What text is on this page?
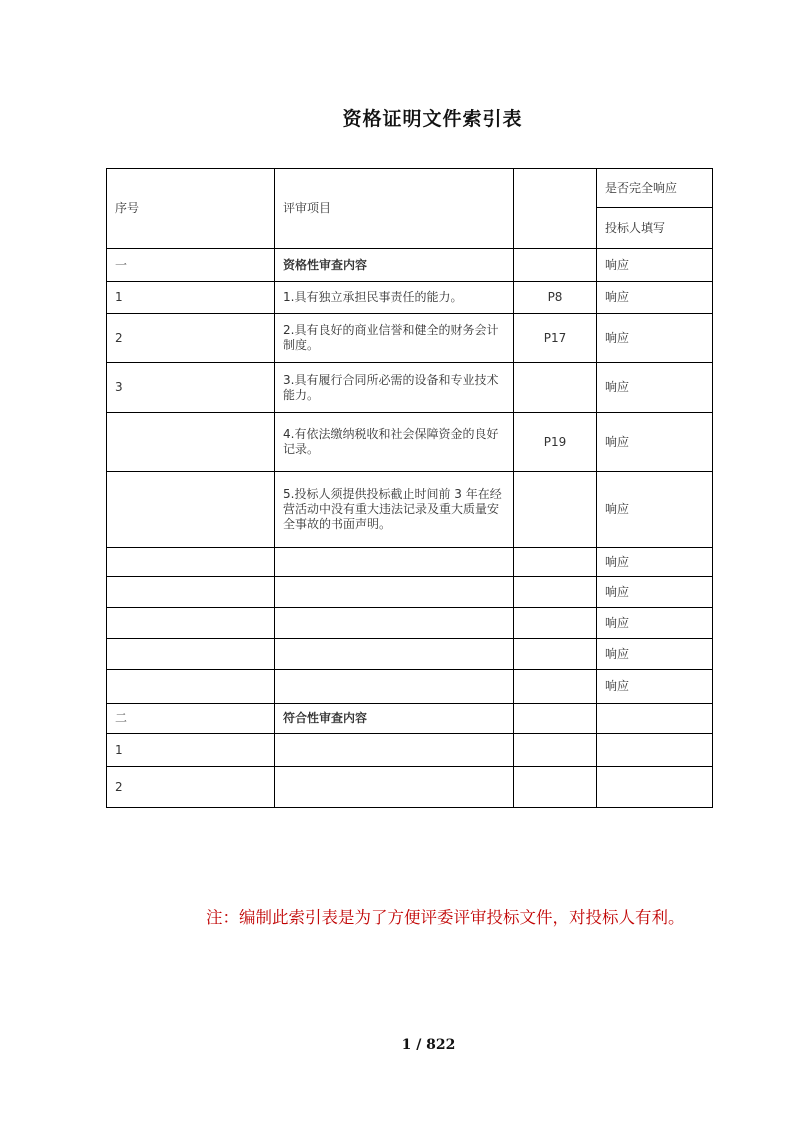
资格证明文件索引表
序号	评审项目		是否完全响应
			投标人填写
一	资格性审查内容		响应
1	1.具有独立承担民事责任的能力。	P8	响应
2	2.具有良好的商业信誉和健全的财务会计制度。	P17	响应
3	3.具有履行合同所必需的设备和专业技术能力。		响应
	4.有依法缴纳税收和社会保障资金的良好记录。	P19	响应
	5.投标人须提供投标截止时间前 3 年在经营活动中没有重大违法记录及重大质量安全事故的书面声明。		响应
			响应
			响应
			响应
			响应
			响应
二	符合性审查内容		
1			
2			
注：编制此索引表是为了方便评委评审投标文件，对投标人有利。
1 / 822
